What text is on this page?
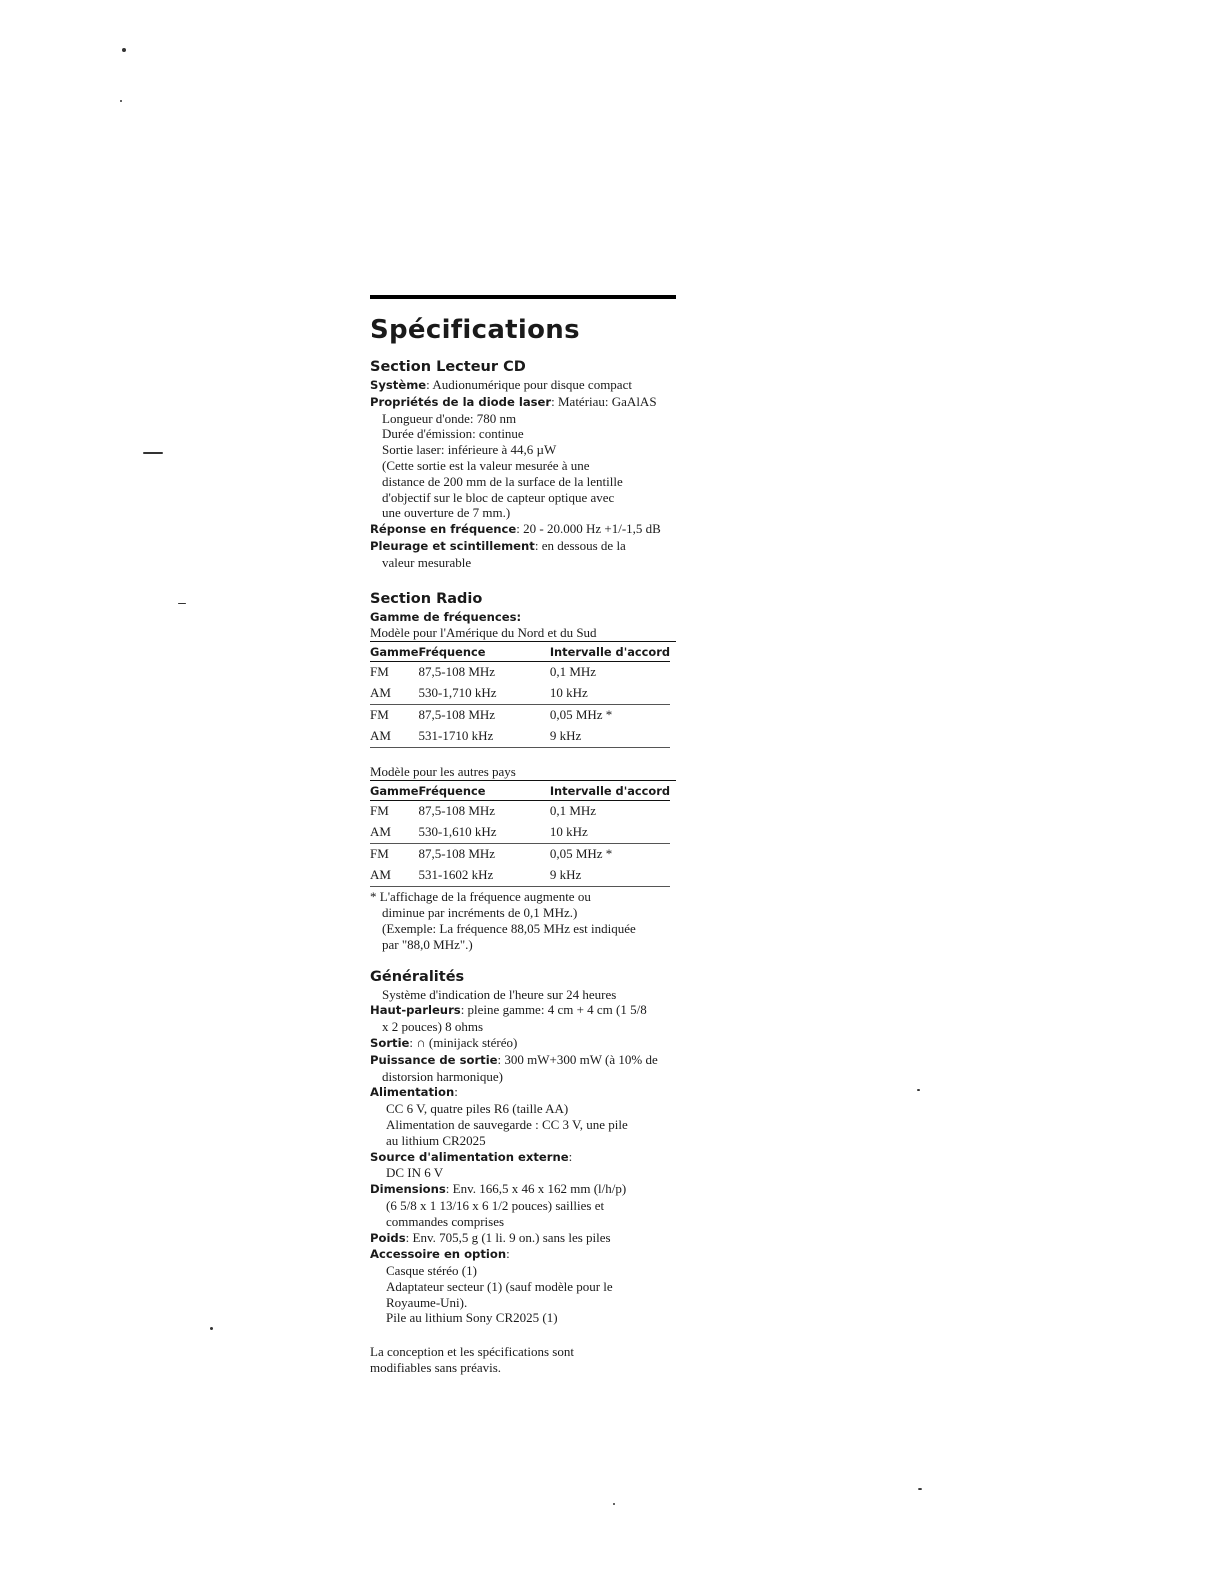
Spécifications
Section Lecteur CD
Système: Audionumérique pour disque compact
Propriétés de la diode laser: Matériau: GaAlAS
Longueur d'onde: 780 nm
Durée d'émission: continue
Sortie laser: inférieure à 44,6 µW
(Cette sortie est la valeur mesurée à une
distance de 200 mm de la surface de la lentille
d'objectif sur le bloc de capteur optique avec
une ouverture de 7 mm.)
Réponse en fréquence: 20 - 20.000 Hz +1/-1,5 dB
Pleurage et scintillement: en dessous de la
valeur mesurable
Section Radio
Gamme de fréquences:
Modèle pour l'Amérique du Nord et du Sud
Gamme	Fréquence	Intervalle d'accord
FM	87,5-108 MHz	0,1 MHz
AM	530-1,710 kHz	10 kHz
FM	87,5-108 MHz	0,05 MHz *
AM	531-1710 kHz	9 kHz
Modèle pour les autres pays
Gamme	Fréquence	Intervalle d'accord
FM	87,5-108 MHz	0,1 MHz
AM	530-1,610 kHz	10 kHz
FM	87,5-108 MHz	0,05 MHz *
AM	531-1602 kHz	9 kHz
* L'affichage de la fréquence augmente ou
diminue par incréments de 0,1 MHz.)
(Exemple: La fréquence 88,05 MHz est indiquée
par "88,0 MHz".)
Généralités
Système d'indication de l'heure sur 24 heures
Haut-parleurs: pleine gamme: 4 cm + 4 cm (1 5/8
x 2 pouces) 8 ohms
Sortie: ∩ (minijack stéréo)
Puissance de sortie: 300 mW+300 mW (à 10% de
distorsion harmonique)
Alimentation:
CC 6 V, quatre piles R6 (taille AA)
Alimentation de sauvegarde : CC 3 V, une pile
au lithium CR2025
Source d'alimentation externe:
DC IN 6 V
Dimensions: Env. 166,5 x 46 x 162 mm (l/h/p)
(6 5/8 x 1 13/16 x 6 1/2 pouces) saillies et
commandes comprises
Poids: Env. 705,5 g (1 li. 9 on.) sans les piles
Accessoire en option:
Casque stéréo (1)
Adaptateur secteur (1) (sauf modèle pour le
Royaume-Uni).
Pile au lithium Sony CR2025 (1)
La conception et les spécifications sont
modifiables sans préavis.
